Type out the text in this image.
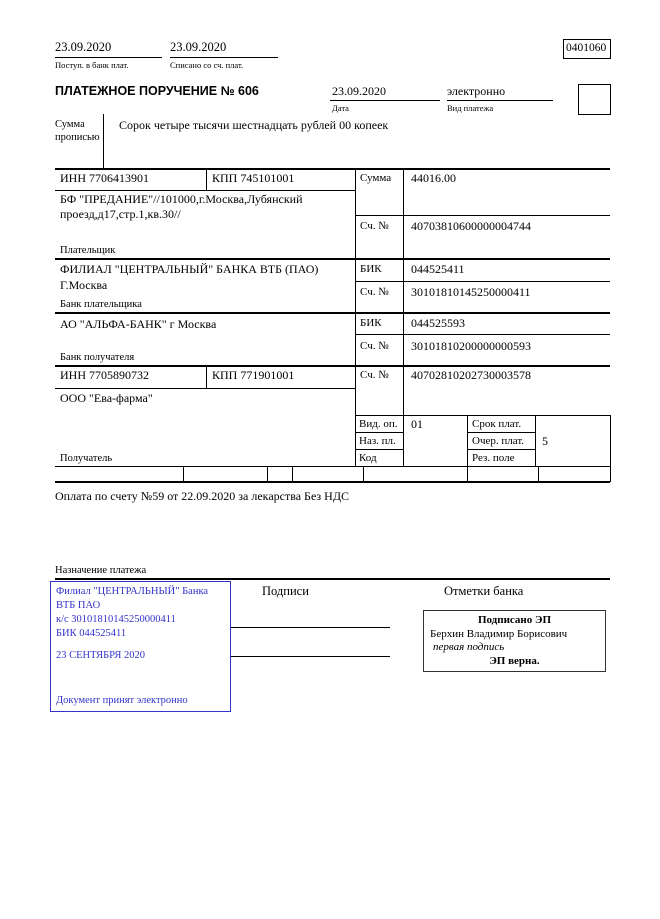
23.09.2020
Поступ. в банк плат.
23.09.2020
Списано со сч. плат.
0401060
ПЛАТЕЖНОЕ ПОРУЧЕНИЕ № 606	23.09.2020
Дата
электронно
Вид платежа
Сумма прописью
Сорок четыре тысячи шестнадцать рублей 00 копеек
ИНН 7706413901	КПП 745101001	Сумма 44016.00
БФ "ПРЕДАНИЕ"//101000,г.Москва,Лубянский проезд,д17,стр.1,кв.30//
Сч. № 40703810600000004744
Плательщик
ФИЛИАЛ "ЦЕНТРАЛЬНЫЙ" БАНКА ВТБ (ПАО)
Г.Москва
БИК 044525411
Сч. № 30101810145250000411
Банк плательщика
АО "АЛЬФА-БАНК" г Москва	БИК 044525593
Сч. № 30101810200000000593
Банк получателя
ИНН 7705890732	КПП 771901001	Сч. № 40702810202730003578
ООО "Ева-фарма"
Получатель
Вид. оп. 01	Срок плат.
Наз. пл.	Очер. плат. 5
Код	Рез. поле
Оплата по счету №59 от 22.09.2020 за лекарства Без НДС
Назначение платежа
Подписи	Отметки банка
Филиал "ЦЕНТРАЛЬНЫЙ" Банка
ВТБ ПАО
к/с 30101810145250000411
БИК 044525411
23 СЕНТЯБРЯ 2020
Документ принят электронно
Подписано ЭП
Берхин Владимир Борисович
первая подпись
ЭП верна.
